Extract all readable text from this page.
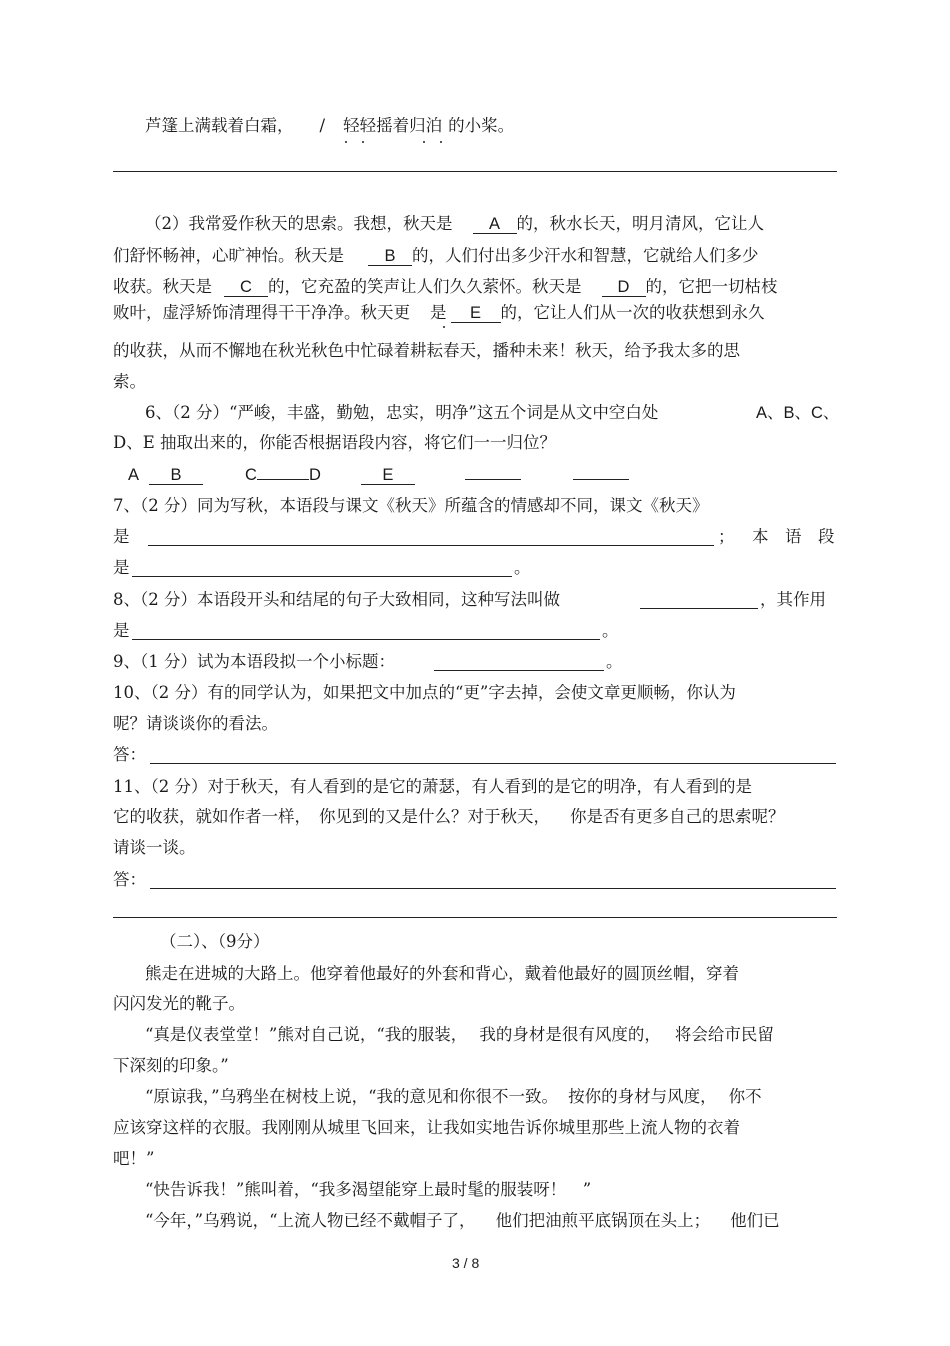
芦篷上满载着白霜， / 轻轻摇着归泊 的小桨。
（2）我常爱作秋天的思索。我想，秋天是 A 的，秋水长天，明月清风，它让人
们舒怀畅神，心旷神怡。秋天是 B 的，人们付出多少汗水和智慧，它就给人们多少
收获。秋天是 C 的，它充盈的笑声让人们久久萦怀。秋天是 D 的，它把一切枯枝
败叶，虚浮矫饰清理得干干净净。秋天更 是 E 的，它让人们从一次的收获想到永久
的收获，从而不懈地在秋光秋色中忙碌着耕耘春天，播种未来！秋天，给予我太多的思
索。
6、（2 分）“严峻，丰盛，勤勉，忠实，明净”这五个词是从文中空白处	A、B、C、
D、E 抽取出来的，你能否根据语段内容，将它们一一归位？
A B	C	D	E
7、（2 分）同为写秋，本语段与课文《秋天》所蕴含的情感却不同，课文《秋天》
是	； 本 语 段
是	。
8、（2 分）本语段开头和结尾的句子大致相同，这种写法叫做	，其作用
是	。
9、（1 分）试为本语段拟一个小标题：	。
10、（2 分）有的同学认为，如果把文中加点的“更”字去掉，会使文章更顺畅，你认为
呢？请谈谈你的看法。
答：
11、（2 分）对于秋天，有人看到的是它的萧瑟，有人看到的是它的明净，有人看到的是
它的收获，就如作者一样， 你见到的又是什么？对于秋天， 你是否有更多自己的思索呢？
请谈一谈。
答：
（二）、（9分）
熊走在进城的大路上。他穿着他最好的外套和背心，戴着他最好的圆顶丝帽，穿着
闪闪发光的靴子。
“真是仪表堂堂！”熊对自己说，“我的服装， 我的身材是很有风度的， 将会给市民留
下深刻的印象。”
“原谅我，”乌鸦坐在树枝上说，“我的意见和你很不一致。 按你的身材与风度， 你不
应该穿这样的衣服。我刚刚从城里飞回来，让我如实地告诉你城里那些上流人物的衣着
吧！”
“快告诉我！”熊叫着，“我多渴望能穿上最时髦的服装呀！　”
“今年，”乌鸦说，“上流人物已经不戴帽子了， 他们把油煎平底锅顶在头上； 他们已
3 / 8
